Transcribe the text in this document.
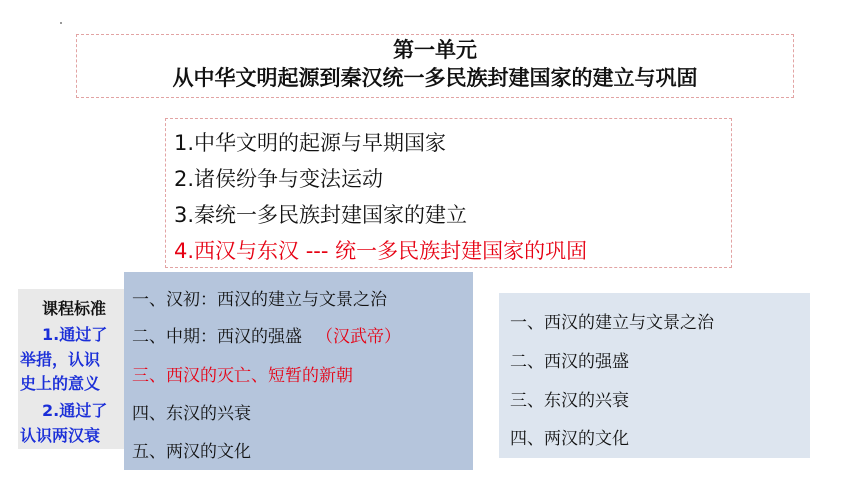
第一单元
从中华文明起源到秦汉统一多民族封建国家的建立与巩固
1.中华文明的起源与早期国家
2.诸侯纷争与变法运动
3.秦统一多民族封建国家的建立
4.西汉与东汉 --- 统一多民族封建国家的巩固
课程标准
1.通过了
举措，认识
史上的意义
2.通过了
认识两汉衰
一、汉初：西汉的建立与文景之治
二、中期：西汉的强盛 （汉武帝）
三、西汉的灭亡、短暂的新朝
四、东汉的兴衰
五、两汉的文化
一、西汉的建立与文景之治
二、西汉的强盛
三、东汉的兴衰
四、两汉的文化
